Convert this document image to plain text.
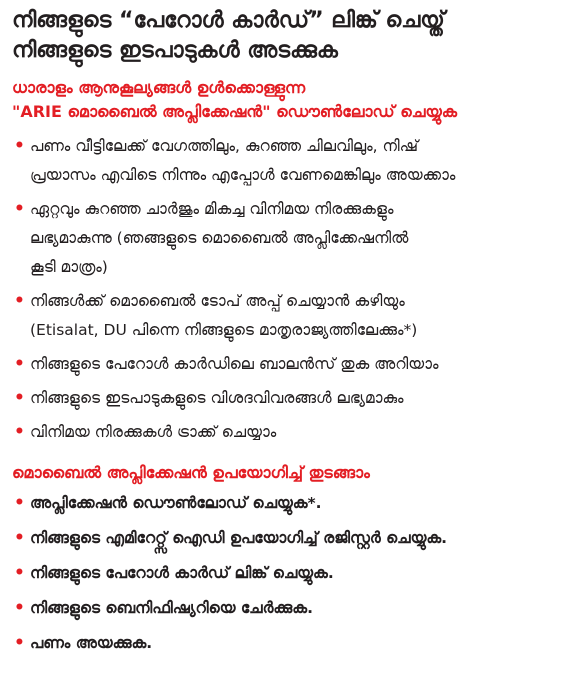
നിങ്ങളുടെ “പേറോൾ കാർഡ്” ലിങ്ക് ചെയ്ത്
നിങ്ങളുടെ ഇടപാടുകൾ അടക്കുക
ധാരാളം ആനുകൂല്യങ്ങൾ ഉൾക്കൊള്ളുന്ന
"ARIE മൊബൈൽ അപ്ലിക്കേഷൻ" ഡൌൺലോഡ് ചെയ്യുക
• പണം വീട്ടിലേക്ക് വേഗത്തിലും, കുറഞ്ഞ ചിലവിലും, നിഷ്
പ്രയാസം എവിടെ നിന്നും എപ്പോൾ വേണമെങ്കിലും അയക്കാം
• ഏറ്റവും കുറഞ്ഞ ചാർജും മികച്ച വിനിമയ നിരക്കുകളും
ലഭ്യമാകുന്നു (ഞങ്ങളുടെ മൊബൈൽ അപ്ലിക്കേഷനിൽ
കൂടി മാത്രം)
• നിങ്ങൾക്ക് മൊബൈൽ ടോപ് അപ്പ് ചെയ്യാൻ കഴിയും
(Etisalat, DU പിന്നെ നിങ്ങളുടെ മാതൃരാജ്യത്തിലേക്കും*)
• നിങ്ങളുടെ പേറോൾ കാർഡിലെ ബാലൻസ് തുക അറിയാം
• നിങ്ങളുടെ ഇടപാടുകളുടെ വിശദവിവരങ്ങൾ ലഭ്യമാകും
• വിനിമയ നിരക്കുകൾ ട്രാക്ക് ചെയ്യാം
മൊബൈൽ അപ്ലിക്കേഷൻ ഉപയോഗിച്ച് തുടങ്ങാം
• അപ്ലിക്കേഷൻ ഡൌൺലോഡ് ചെയ്യുക*.
• നിങ്ങളുടെ എമിറേറ്റ്സ് ഐഡി ഉപയോഗിച്ച് രജിസ്റ്റർ ചെയ്യുക.
• നിങ്ങളുടെ പേറോൾ കാർഡ് ലിങ്ക് ചെയ്യുക.
• നിങ്ങളുടെ ബെനിഫിഷ്യറിയെ ചേർക്കുക.
• പണം അയക്കുക.
